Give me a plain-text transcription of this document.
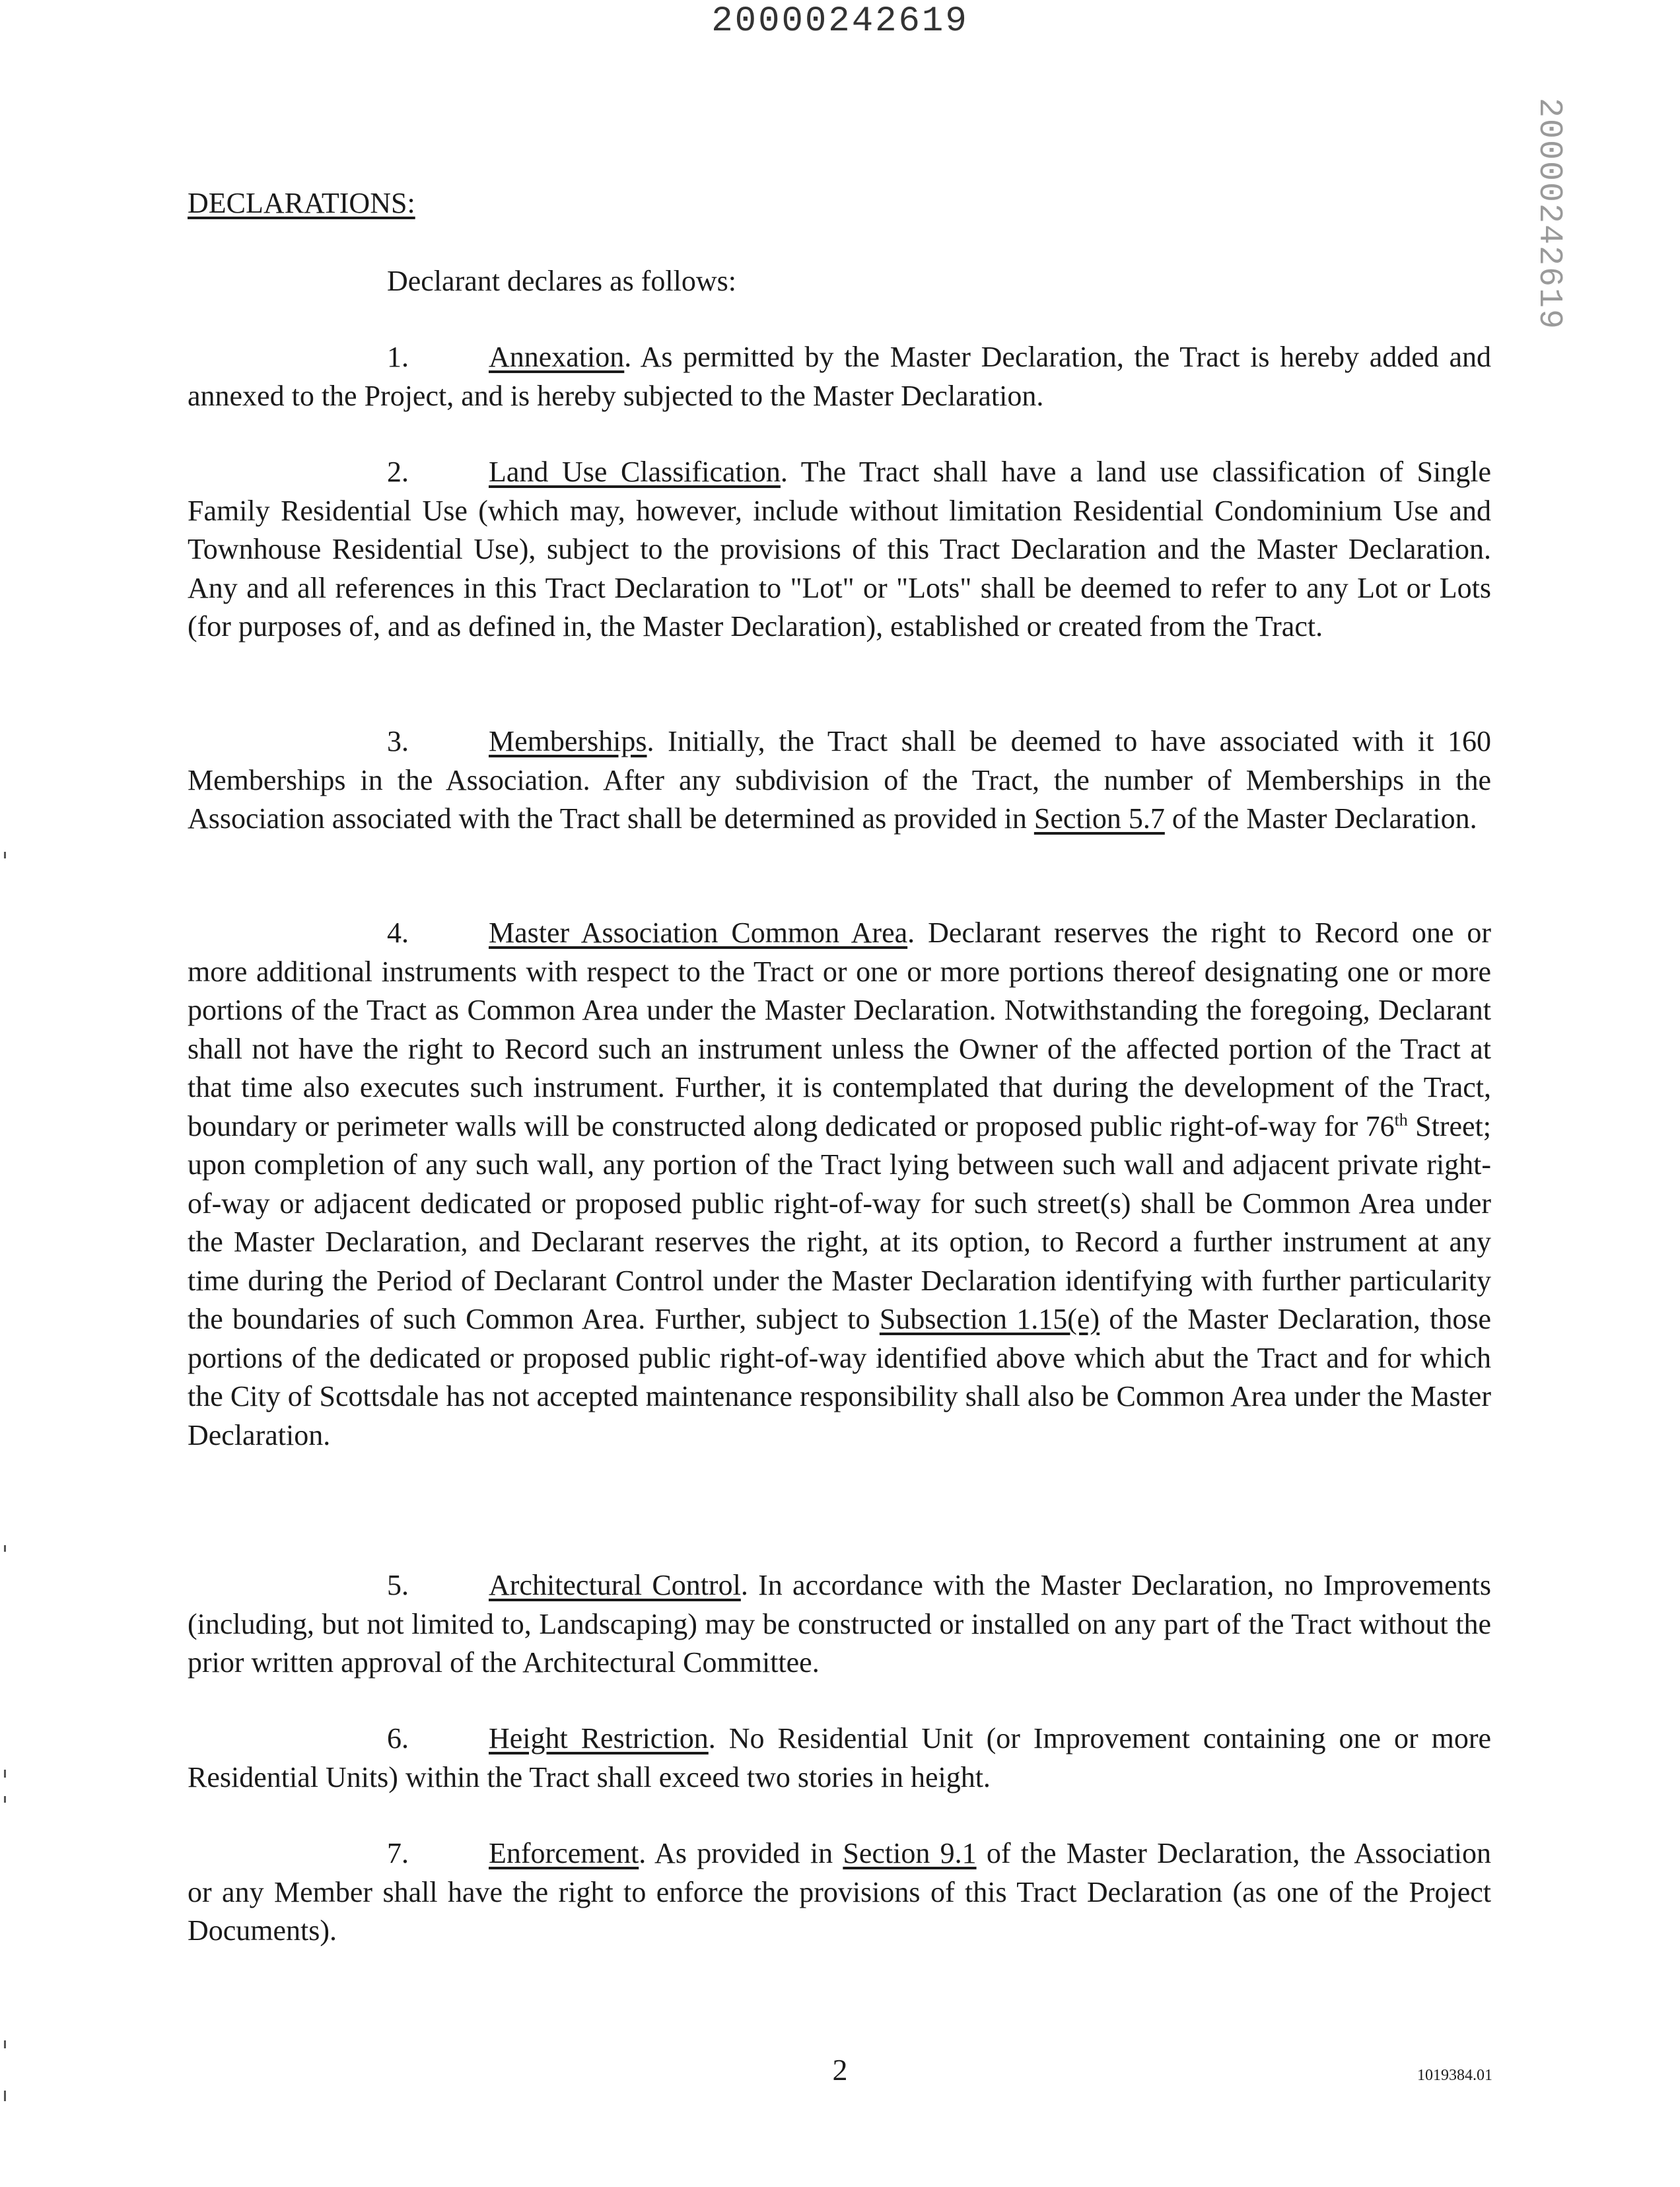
20000242619
20000242619
DECLARATIONS:
Declarant declares as follows:
1.	Annexation. As permitted by the Master Declaration, the Tract is hereby added and annexed to the Project, and is hereby subjected to the Master Declaration.
2.	Land Use Classification. The Tract shall have a land use classification of Single Family Residential Use (which may, however, include without limitation Residential Condominium Use and Townhouse Residential Use), subject to the provisions of this Tract Declaration and the Master Declaration. Any and all references in this Tract Declaration to "Lot" or "Lots" shall be deemed to refer to any Lot or Lots (for purposes of, and as defined in, the Master Declaration), established or created from the Tract.
3.	Memberships. Initially, the Tract shall be deemed to have associated with it 160 Memberships in the Association. After any subdivision of the Tract, the number of Memberships in the Association associated with the Tract shall be determined as provided in Section 5.7 of the Master Declaration.
4.	Master Association Common Area. Declarant reserves the right to Record one or more additional instruments with respect to the Tract or one or more portions thereof designating one or more portions of the Tract as Common Area under the Master Declaration. Notwithstanding the foregoing, Declarant shall not have the right to Record such an instrument unless the Owner of the affected portion of the Tract at that time also executes such instrument. Further, it is contemplated that during the development of the Tract, boundary or perimeter walls will be constructed along dedicated or proposed public right-of-way for 76th Street; upon completion of any such wall, any portion of the Tract lying between such wall and adjacent private right-of-way or adjacent dedicated or proposed public right-of-way for such street(s) shall be Common Area under the Master Declaration, and Declarant reserves the right, at its option, to Record a further instrument at any time during the Period of Declarant Control under the Master Declaration identifying with further particularity the boundaries of such Common Area. Further, subject to Subsection 1.15(e) of the Master Declaration, those portions of the dedicated or proposed public right-of-way identified above which abut the Tract and for which the City of Scottsdale has not accepted maintenance responsibility shall also be Common Area under the Master Declaration.
5.	Architectural Control. In accordance with the Master Declaration, no Improvements (including, but not limited to, Landscaping) may be constructed or installed on any part of the Tract without the prior written approval of the Architectural Committee.
6.	Height Restriction. No Residential Unit (or Improvement containing one or more Residential Units) within the Tract shall exceed two stories in height.
7.	Enforcement. As provided in Section 9.1 of the Master Declaration, the Association or any Member shall have the right to enforce the provisions of this Tract Declaration (as one of the Project Documents).
2	1019384.01
